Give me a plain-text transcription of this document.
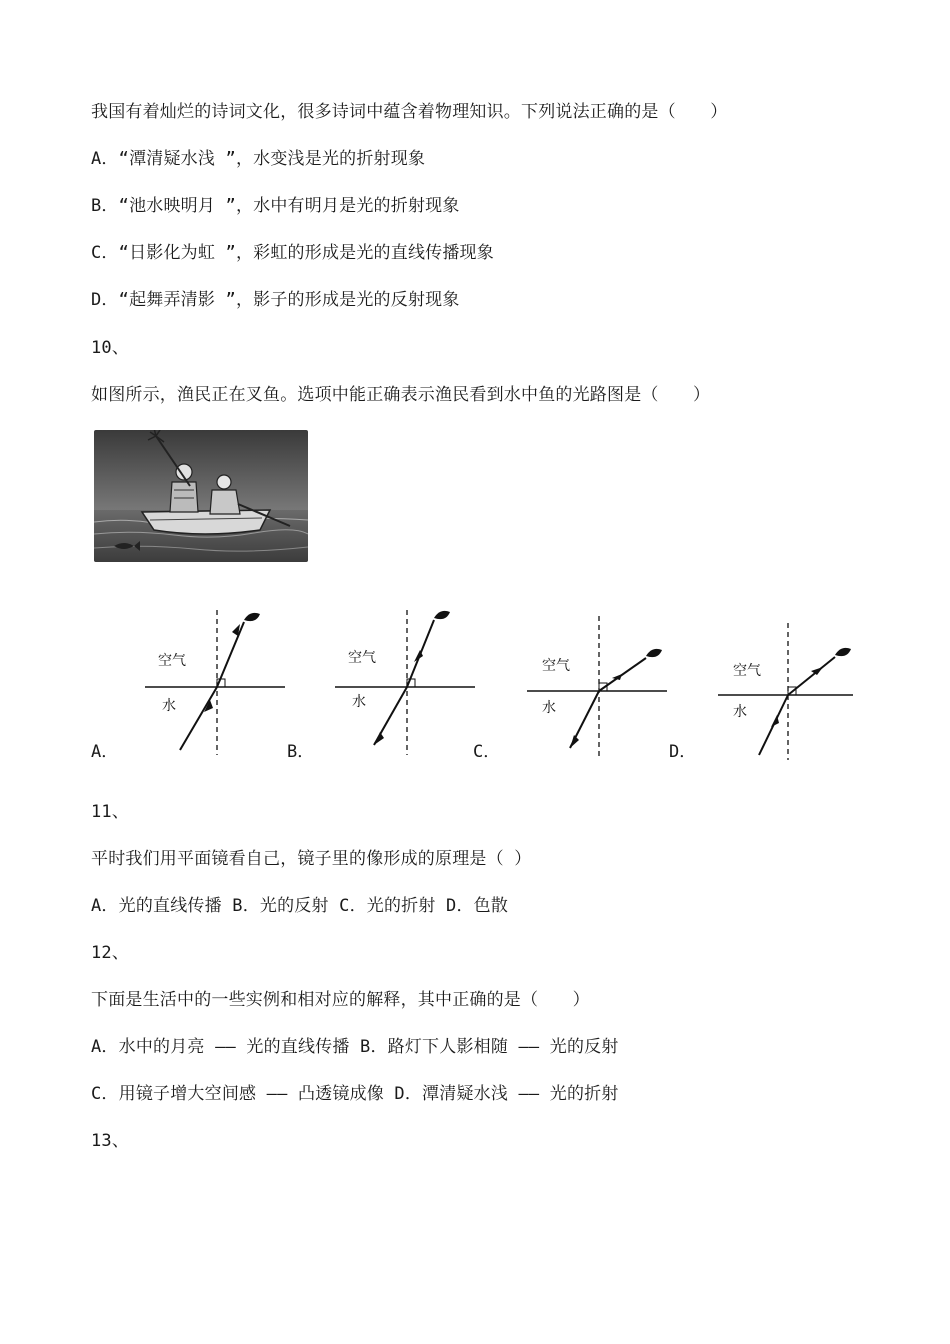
我国有着灿烂的诗词文化，很多诗词中蕴含着物理知识。下列说法正确的是（　　）
A．“潭清疑水浅 ”，水变浅是光的折射现象
B．“池水映明月 ”，水中有明月是光的折射现象
C．“日影化为虹 ”，彩虹的形成是光的直线传播现象
D．“起舞弄清影 ”，影子的形成是光的反射现象
10、
如图所示，渔民正在叉鱼。选项中能正确表示渔民看到水中鱼的光路图是（　　）
空气
水
空气
水
空气
水
空气
水
A．	B．	C．	D．
11、
平时我们用平面镜看自己，镜子里的像形成的原理是（ ）
A．光的直线传播 B．光的反射 C．光的折射 D．色散
12、
下面是生活中的一些实例和相对应的解释，其中正确的是（　　）
A．水中的月亮 —— 光的直线传播 B．路灯下人影相随 —— 光的反射
C．用镜子增大空间感 —— 凸透镜成像 D．潭清疑水浅 —— 光的折射
13、
